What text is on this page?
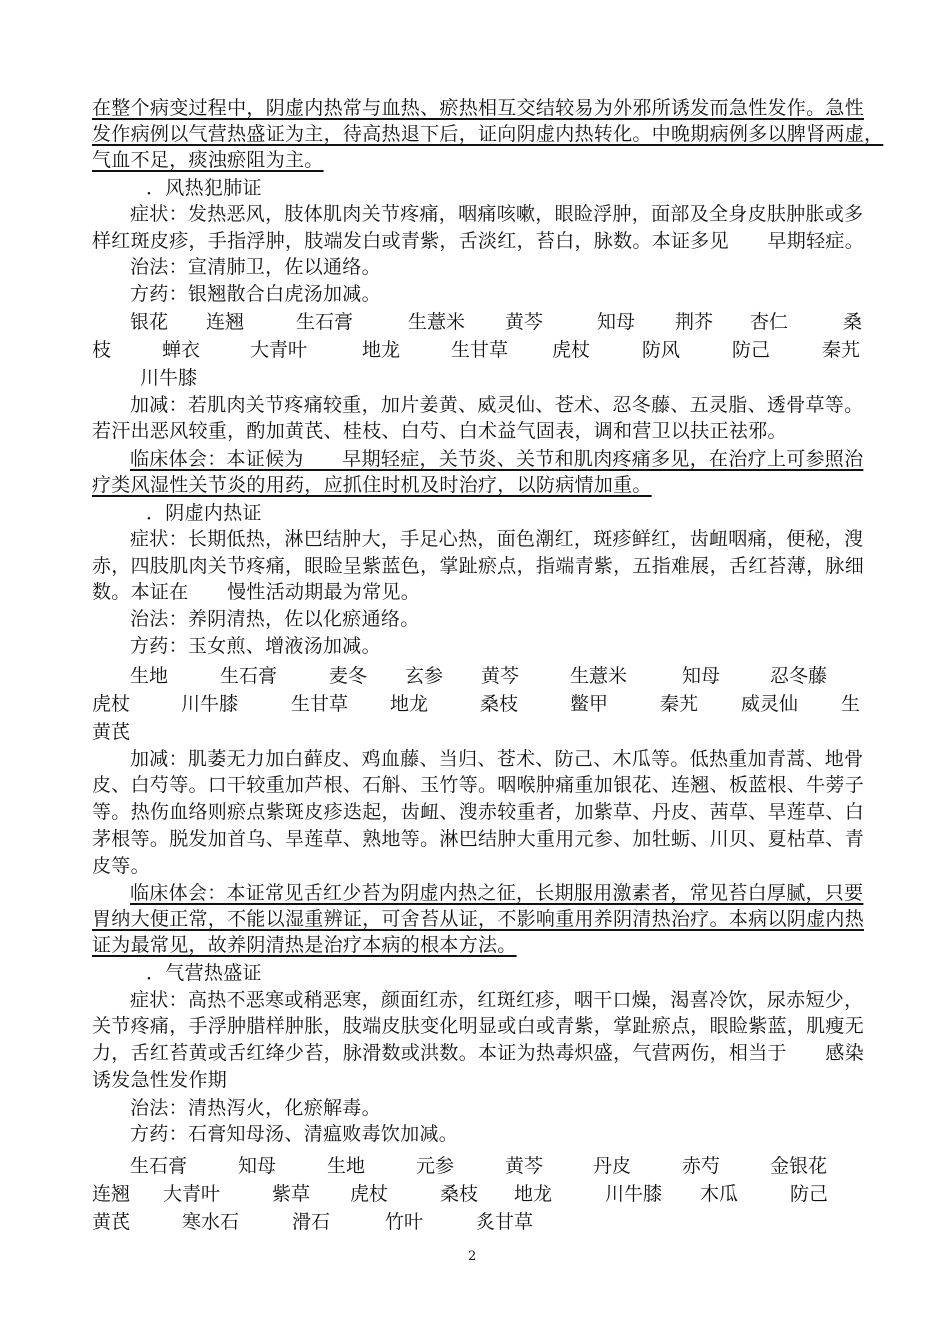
在整个病变过程中，阴虚内热常与血热、瘀热相互交结较易为外邪所诱发而急性发作。急性
发作病例以气营热盛证为主，待高热退下后，证向阴虚内热转化。中晚期病例多以脾肾两虚，
气血不足，痰浊瘀阻为主。
．风热犯肺证
症状：发热恶风，肢体肌肉关节疼痛，咽痛咳嗽，眼睑浮肿，面部及全身皮肤肿胀或多
样红斑皮疹，手指浮肿，肢端发白或青紫，舌淡红，苔白，脉数。本证多见　　早期轻症。
治法：宣清肺卫，佐以通络。
方药：银翘散合白虎汤加减。
银花 连翘	生石膏	生薏米 黄芩	知母 荆芥 杏仁	桑
枝	蝉衣	大青叶	地龙	生甘草 虎杖	防风	防己	秦艽
川牛膝
加减：若肌肉关节疼痛较重，加片姜黄、威灵仙、苍术、忍冬藤、五灵脂、透骨草等。
若汗出恶风较重，酌加黄芪、桂枝、白芍、白术益气固表，调和营卫以扶正祛邪。
临床体会：本证候为　　早期轻症，关节炎、关节和肌肉疼痛多见，在治疗上可参照治
疗类风湿性关节炎的用药，应抓住时机及时治疗，以防病情加重。
．阴虚内热证
症状：长期低热，淋巴结肿大，手足心热，面色潮红，斑疹鲜红，齿衄咽痛，便秘，溲
赤，四肢肌肉关节疼痛，眼睑呈紫蓝色，掌趾瘀点，指端青紫，五指难展，舌红苔薄，脉细
数。本证在　　慢性活动期最为常见。
治法：养阴清热，佐以化瘀通络。
方药：玉女煎、增液汤加减。
生地	生石膏	麦冬 玄参 黄芩	生薏米	知母	忍冬藤
虎杖	川牛膝	生甘草 地龙	桑枝	鳖甲	秦艽 威灵仙 生
黄芪
加减：肌萎无力加白藓皮、鸡血藤、当归、苍术、防己、木瓜等。低热重加青蒿、地骨
皮、白芍等。口干较重加芦根、石斛、玉竹等。咽喉肿痛重加银花、连翘、板蓝根、牛蒡子
等。热伤血络则瘀点紫斑皮疹迭起，齿衄、溲赤较重者，加紫草、丹皮、茜草、旱莲草、白
茅根等。脱发加首乌、旱莲草、熟地等。淋巴结肿大重用元参、加牡蛎、川贝、夏枯草、青
皮等。
临床体会：本证常见舌红少苔为阴虚内热之征，长期服用激素者，常见苔白厚腻，只要
胃纳大便正常，不能以湿重辨证，可舍苔从证，不影响重用养阴清热治疗。本病以阴虚内热
证为最常见，故养阴清热是治疗本病的根本方法。
．气营热盛证
症状：高热不恶寒或稍恶寒，颜面红赤，红斑红疹，咽干口燥，渴喜冷饮，尿赤短少，
关节疼痛，手浮肿腊样肿胀，肢端皮肤变化明显或白或青紫，掌趾瘀点，眼睑紫蓝，肌瘦无
力，舌红苔黄或舌红绛少苔，脉滑数或洪数。本证为热毒炽盛，气营两伤，相当于　　感染
诱发急性发作期
治法：清热泻火，化瘀解毒。
方药：石膏知母汤、清瘟败毒饮加减。
生石膏	知母	生地	元参	黄芩	丹皮	赤芍	金银花
连翘 大青叶	紫草 虎杖	桑枝 地龙	川牛膝 木瓜	防己
黄芪	寒水石	滑石	竹叶	炙甘草
2
